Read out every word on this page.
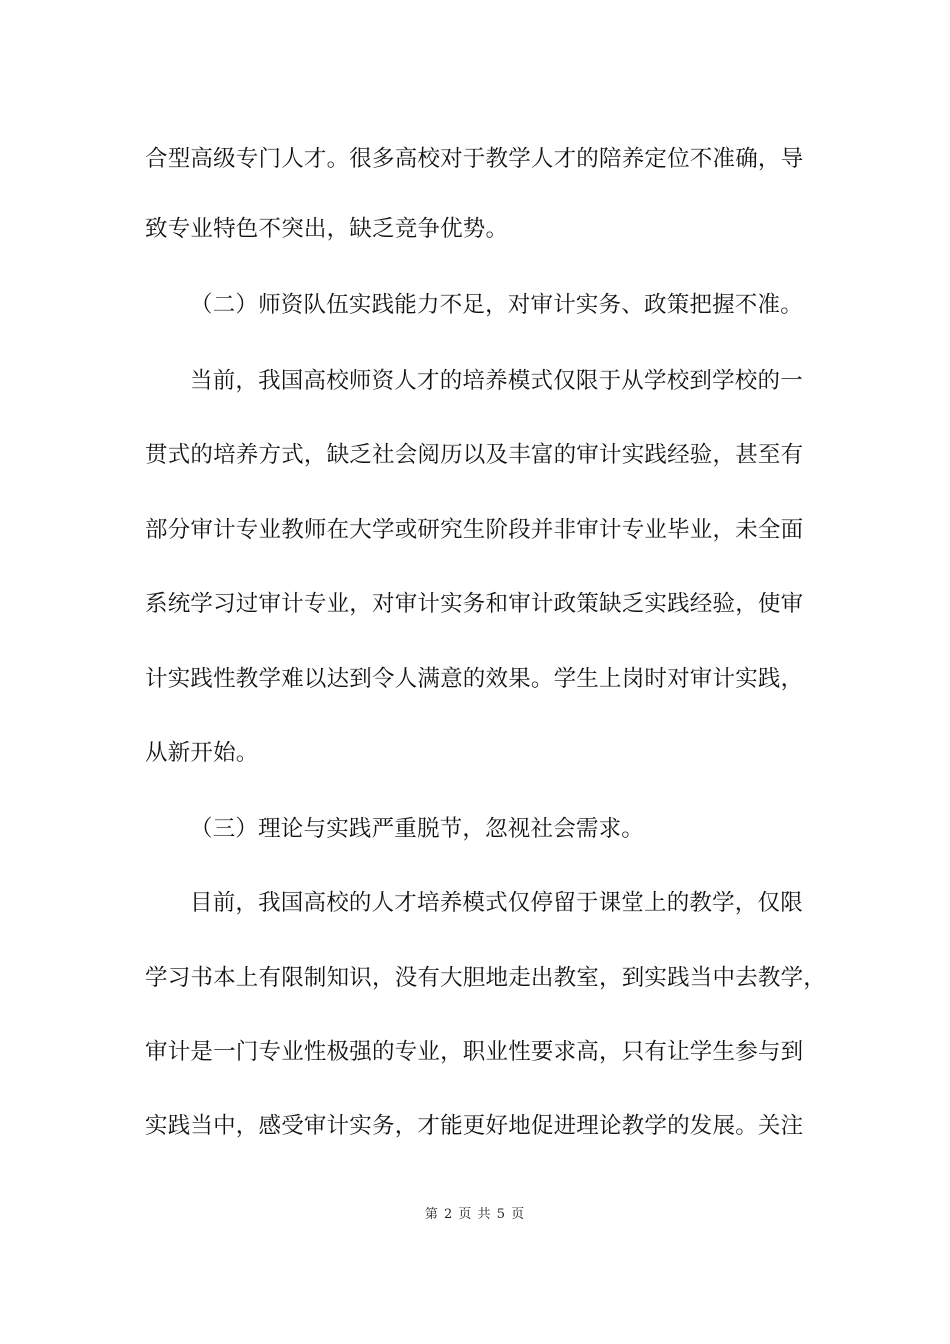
合型高级专门人才。很多高校对于教学人才的陪养定位不准确，导
致专业特色不突出，缺乏竞争优势。
（二）师资队伍实践能力不足，对审计实务、政策把握不准。
当前，我国高校师资人才的培养模式仅限于从学校到学校的一
贯式的培养方式，缺乏社会阅历以及丰富的审计实践经验，甚至有
部分审计专业教师在大学或研究生阶段并非审计专业毕业，未全面
系统学习过审计专业，对审计实务和审计政策缺乏实践经验，使审
计实践性教学难以达到令人满意的效果。学生上岗时对审计实践，
从新开始。
（三）理论与实践严重脱节，忽视社会需求。
目前，我国高校的人才培养模式仅停留于课堂上的教学，仅限
学习书本上有限制知识，没有大胆地走出教室，到实践当中去教学，
审计是一门专业性极强的专业，职业性要求高，只有让学生参与到
实践当中，感受审计实务，才能更好地促进理论教学的发展。关注
第 2 页 共 5 页
